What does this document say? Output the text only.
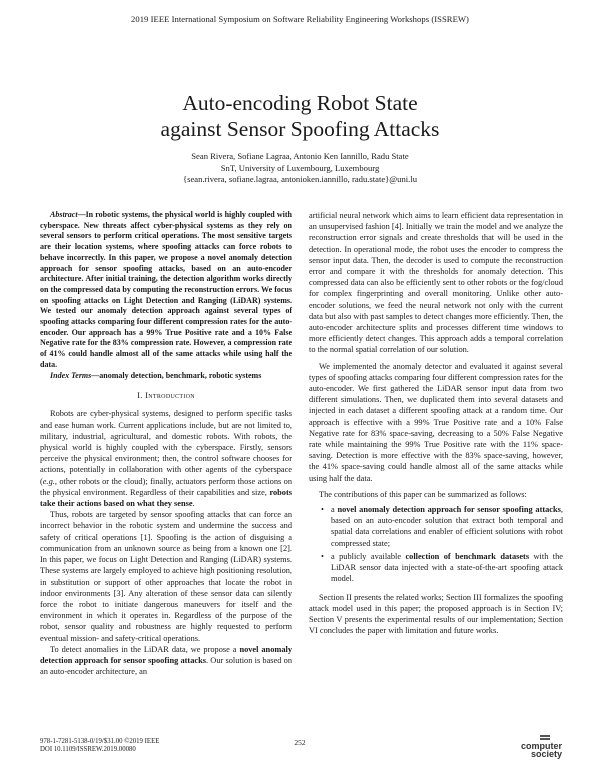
2019 IEEE International Symposium on Software Reliability Engineering Workshops (ISSREW)
Auto-encoding Robot State
against Sensor Spoofing Attacks
Sean Rivera, Sofiane Lagraa, Antonio Ken Iannillo, Radu State
SnT, University of Luxembourg, Luxembourg
{sean.rivera, sofiane.lagraa, antonioken.iannillo, radu.state}@uni.lu

Abstract—In robotic systems, the physical world is highly coupled with cyberspace. New threats affect cyber-physical systems as they rely on several sensors to perform critical operations. The most sensitive targets are their location systems, where spoofing attacks can force robots to behave incorrectly. In this paper, we propose a novel anomaly detection approach for sensor spoofing attacks, based on an auto-encoder architecture. After initial training, the detection algorithm works directly on the compressed data by computing the reconstruction errors. We focus on spoofing attacks on Light Detection and Ranging (LiDAR) systems. We tested our anomaly detection approach against several types of spoofing attacks comparing four different compression rates for the auto-encoder. Our approach has a 99% True Positive rate and a 10% False Negative rate for the 83% compression rate. However, a compression rate of 41% could handle almost all of the same attacks while using half the data.

Index Terms—anomaly detection, benchmark, robotic systems

I. Introduction

Robots are cyber-physical systems, designed to perform specific tasks and ease human work. Current applications include, but are not limited to, military, industrial, agricultural, and domestic robots. With robots, the physical world is highly coupled with the cyberspace. Firstly, sensors perceive the physical environment; then, the control software chooses for actions, potentially in collaboration with other agents of the cyberspace (e.g., other robots or the cloud); finally, actuators perform those actions on the physical environment. Regardless of their capabilities and size, robots take their actions based on what they sense.

Thus, robots are targeted by sensor spoofing attacks that can force an incorrect behavior in the robotic system and undermine the success and safety of critical operations [1]. Spoofing is the action of disguising a communication from an unknown source as being from a known one [2]. In this paper, we focus on Light Detection and Ranging (LiDAR) systems. These systems are largely employed to achieve high positioning resolution, in substitution or support of other approaches that locate the robot in indoor environments [3]. Any alteration of these sensor data can silently force the robot to initiate dangerous maneuvers for itself and the environment in which it operates in. Regardless of the purpose of the robot, sensor quality and robustness are highly requested to perform eventual mission- and safety-critical operations.

To detect anomalies in the LiDAR data, we propose a novel anomaly detection approach for sensor spoofing attacks. Our solution is based on an auto-encoder architecture, an

artificial neural network which aims to learn efficient data representation in an unsupervised fashion [4]. Initially we train the model and we analyze the reconstruction error signals and create thresholds that will be used in the detection. In operational mode, the robot uses the encoder to compress the sensor input data. Then, the decoder is used to compute the reconstruction error and compare it with the thresholds for anomaly detection. This compressed data can also be efficiently sent to other robots or the fog/cloud for complex fingerprinting and overall monitoring. Unlike other auto-encoder solutions, we feed the neural network not only with the current data but also with past samples to detect changes more efficiently. Then, the auto-encoder architecture splits and processes different time windows to more efficiently detect changes. This approach adds a temporal correlation to the normal spatial correlation of our solution.

We implemented the anomaly detector and evaluated it against several types of spoofing attacks comparing four different compression rates for the auto-encoder. We first gathered the LiDAR sensor input data from two different simulations. Then, we duplicated them into several datasets and injected in each dataset a different spoofing attack at a random time. Our approach is effective with a 99% True Positive rate and a 10% False Negative rate for 83% space-saving, decreasing to a 50% False Negative rate while maintaining the 99% True Positive rate with the 11% space-saving. Detection is more effective with the 83% space-saving, however, the 41% space-saving could handle almost all of the same attacks while using half the data.

The contributions of this paper can be summarized as follows:

• a novel anomaly detection approach for sensor spoofing attacks, based on an auto-encoder solution that extract both temporal and spatial data correlations and enabler of efficient solutions with robot compressed state;
• a publicly available collection of benchmark datasets with the LiDAR sensor data injected with a state-of-the-art spoofing attack model.

Section II presents the related works; Section III formalizes the spoofing attack model used in this paper; the proposed approach is in Section IV; Section V presents the experimental results of our implementation; Section VI concludes the paper with limitation and future works.

978-1-7281-5138-0/19/$31.00 ©2019 IEEE
DOI 10.1109/ISSREW.2019.00080
252	computer
society
